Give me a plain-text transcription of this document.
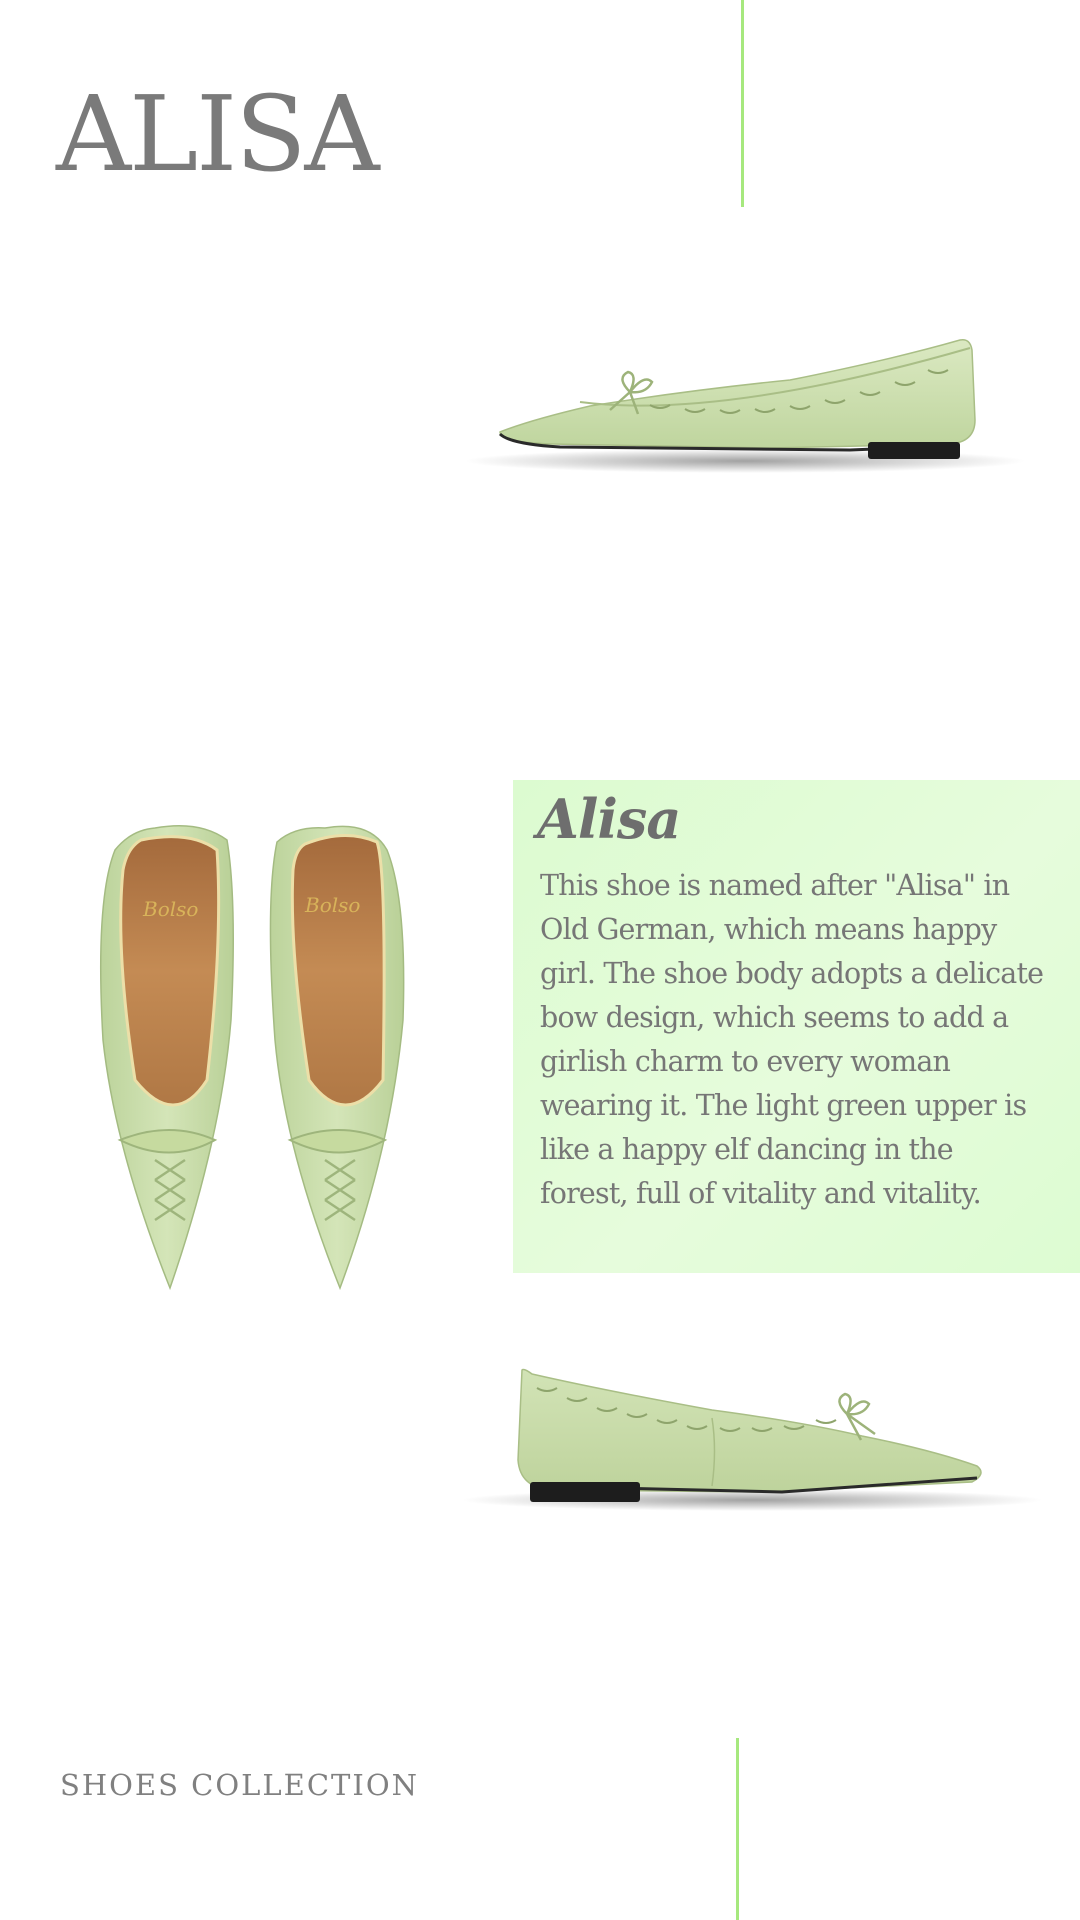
ALISA
Bolso	Bolso
Alisa

This shoe is named after "Alisa" in Old German, which means happy girl. The shoe body adopts a delicate bow design, which seems to add a girlish charm to every woman wearing it. The light green upper is like a happy elf dancing in the forest, full of vitality and vitality.

SHOES COLLECTION
